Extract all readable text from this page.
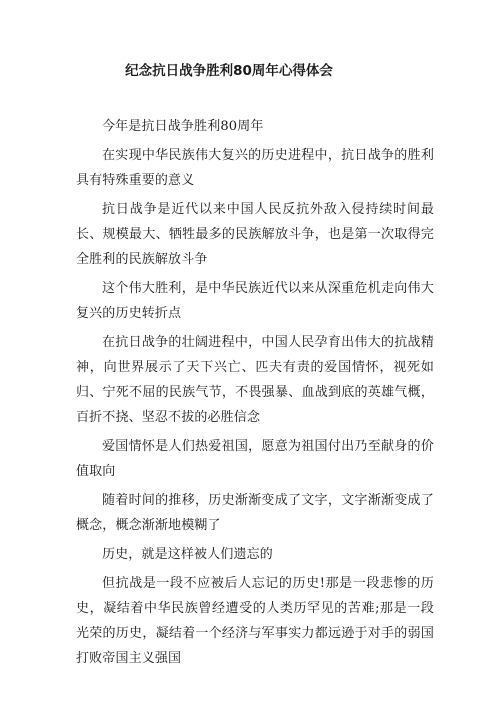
纪念抗日战争胜利80周年心得体会

今年是抗日战争胜利80周年

在实现中华民族伟大复兴的历史进程中，抗日战争的胜利具有特殊重要的意义

抗日战争是近代以来中国人民反抗外敌入侵持续时间最长、规模最大、牺牲最多的民族解放斗争，也是第一次取得完全胜利的民族解放斗争

这个伟大胜利，是中华民族近代以来从深重危机走向伟大复兴的历史转折点

在抗日战争的壮阔进程中，中国人民孕育出伟大的抗战精神，向世界展示了天下兴亡、匹夫有责的爱国情怀，视死如归、宁死不屈的民族气节，不畏强暴、血战到底的英雄气概，百折不挠、坚忍不拔的必胜信念

爱国情怀是人们热爱祖国，愿意为祖国付出乃至献身的价值取向

随着时间的推移，历史渐渐变成了文字，文字渐渐变成了概念，概念渐渐地模糊了

历史，就是这样被人们遗忘的

但抗战是一段不应被后人忘记的历史!那是一段悲惨的历史，凝结着中华民族曾经遭受的人类历罕见的苦难;那是一段光荣的历史，凝结着一个经济与军事实力都远逊于对手的弱国打败帝国主义强国
